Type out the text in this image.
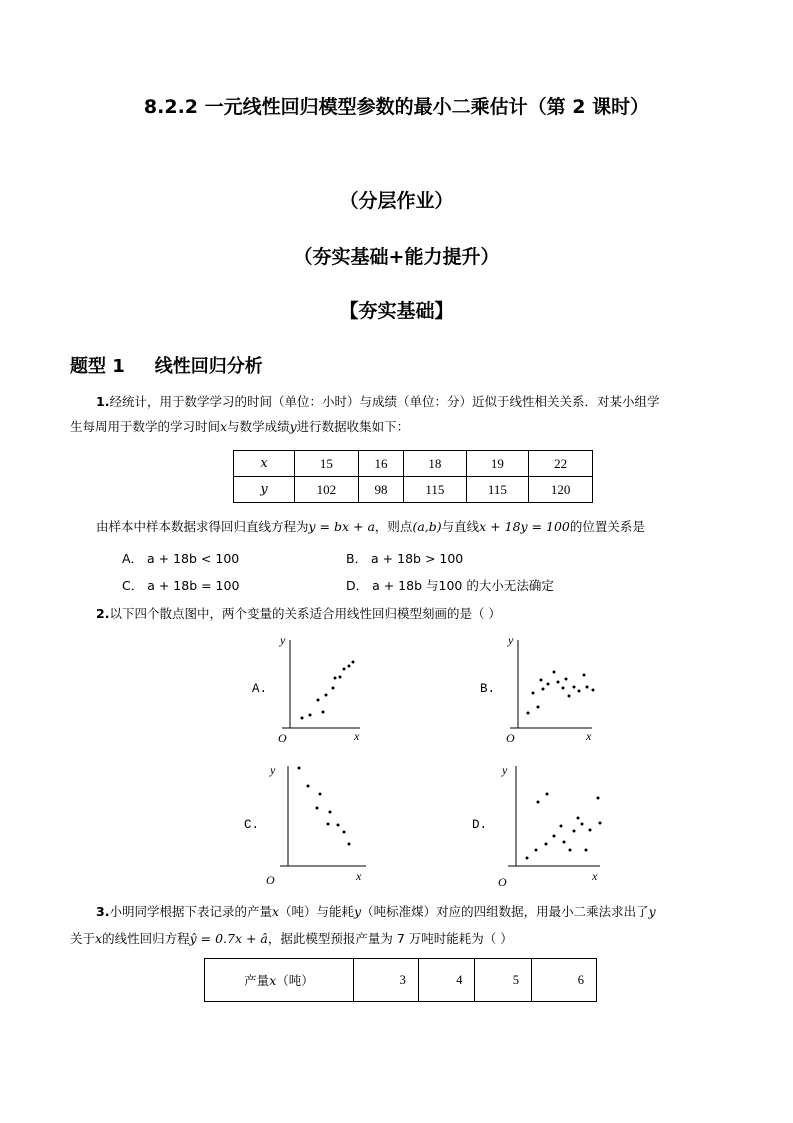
8.2.2 一元线性回归模型参数的最小二乘估计（第 2 课时）
（分层作业）
（夯实基础+能力提升）
【夯实基础】
题型 1 线性回归分析
1.经统计，用于数学学习的时间（单位：小时）与成绩（单位：分）近似于线性相关关系．对某小组学
生每周用于数学的学习时间x与数学成绩y进行数据收集如下：
x	15	16	18	19	22
y	102	98	115	115	120
由样本中样本数据求得回归直线方程为y = bx + a，则点(a,b)与直线x + 18y = 100的位置关系是
A． a + 18b < 100	B． a + 18b > 100
C． a + 18b = 100	D． a + 18b 与100 的大小无法确定
2.以下四个散点图中，两个变量的关系适合用线性回归模型刻画的是（ ）
A.	B.
C.	D.
y
x
O
y
x
O
y
x
O
y
x
O
3.小明同学根据下表记录的产量x（吨）与能耗y（吨标准煤）对应的四组数据，用最小二乘法求出了y
关于x的线性回归方程ŷ = 0.7x + â，据此模型预报产量为 7 万吨时能耗为（ ）
产量x（吨）	3	4	5	6
